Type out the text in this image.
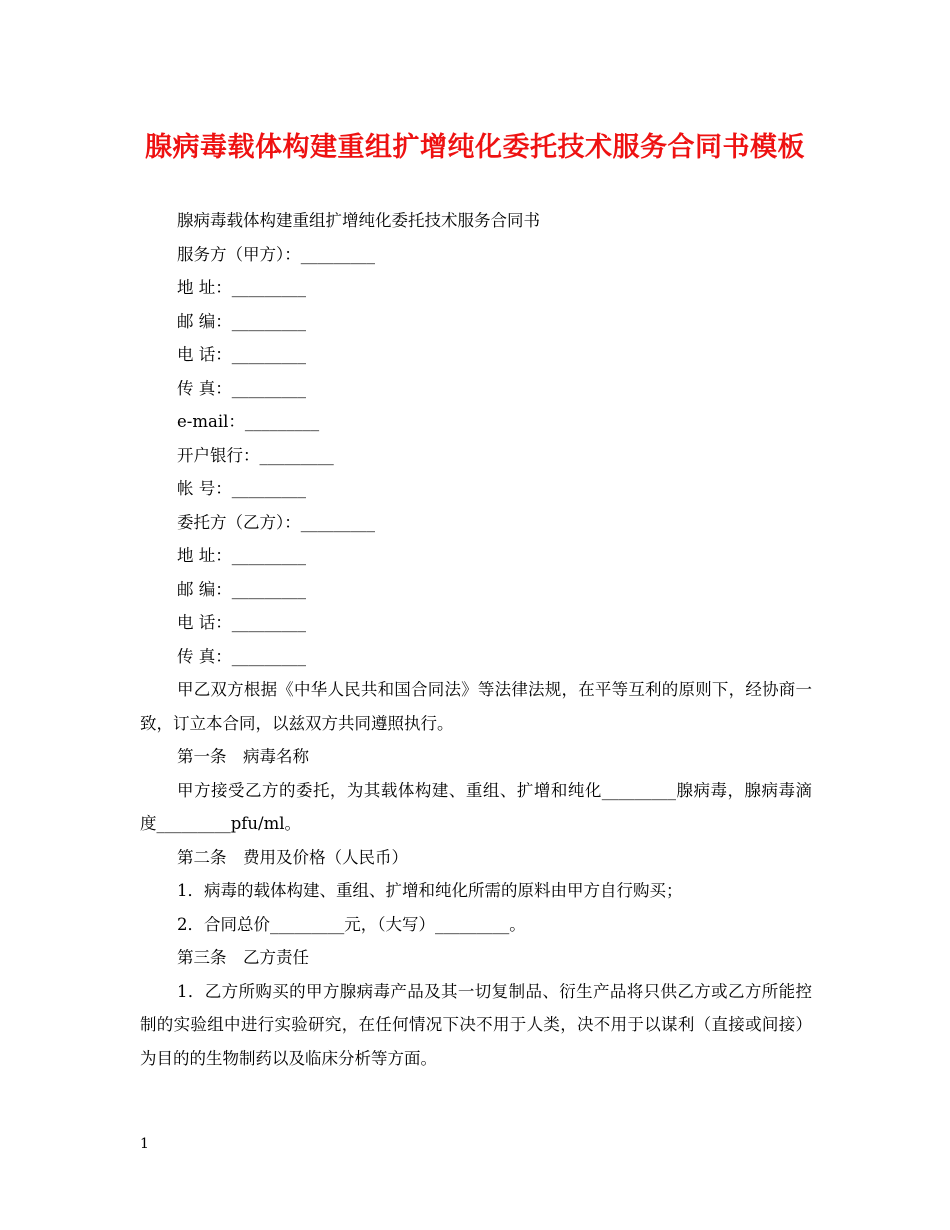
腺病毒载体构建重组扩增纯化委托技术服务合同书模板
腺病毒载体构建重组扩增纯化委托技术服务合同书
服务方（甲方）：_________
地 址：_________
邮 编：_________
电 话：_________
传 真：_________
e-mail：_________
开户银行：_________
帐 号：_________
委托方（乙方）：_________
地 址：_________
邮 编：_________
电 话：_________
传 真：_________
甲乙双方根据《中华人民共和国合同法》等法律法规，在平等互利的原则下，经协商一致，订立本合同，以兹双方共同遵照执行。
第一条　病毒名称
甲方接受乙方的委托，为其载体构建、重组、扩增和纯化_________腺病毒，腺病毒滴度_________pfu/ml。
第二条　费用及价格（人民币）
1．病毒的载体构建、重组、扩增和纯化所需的原料由甲方自行购买；
2．合同总价_________元，（大写）_________。
第三条　乙方责任
1．乙方所购买的甲方腺病毒产品及其一切复制品、衍生产品将只供乙方或乙方所能控制的实验组中进行实验研究，在任何情况下决不用于人类，决不用于以谋利（直接或间接）为目的的生物制药以及临床分析等方面。
1
